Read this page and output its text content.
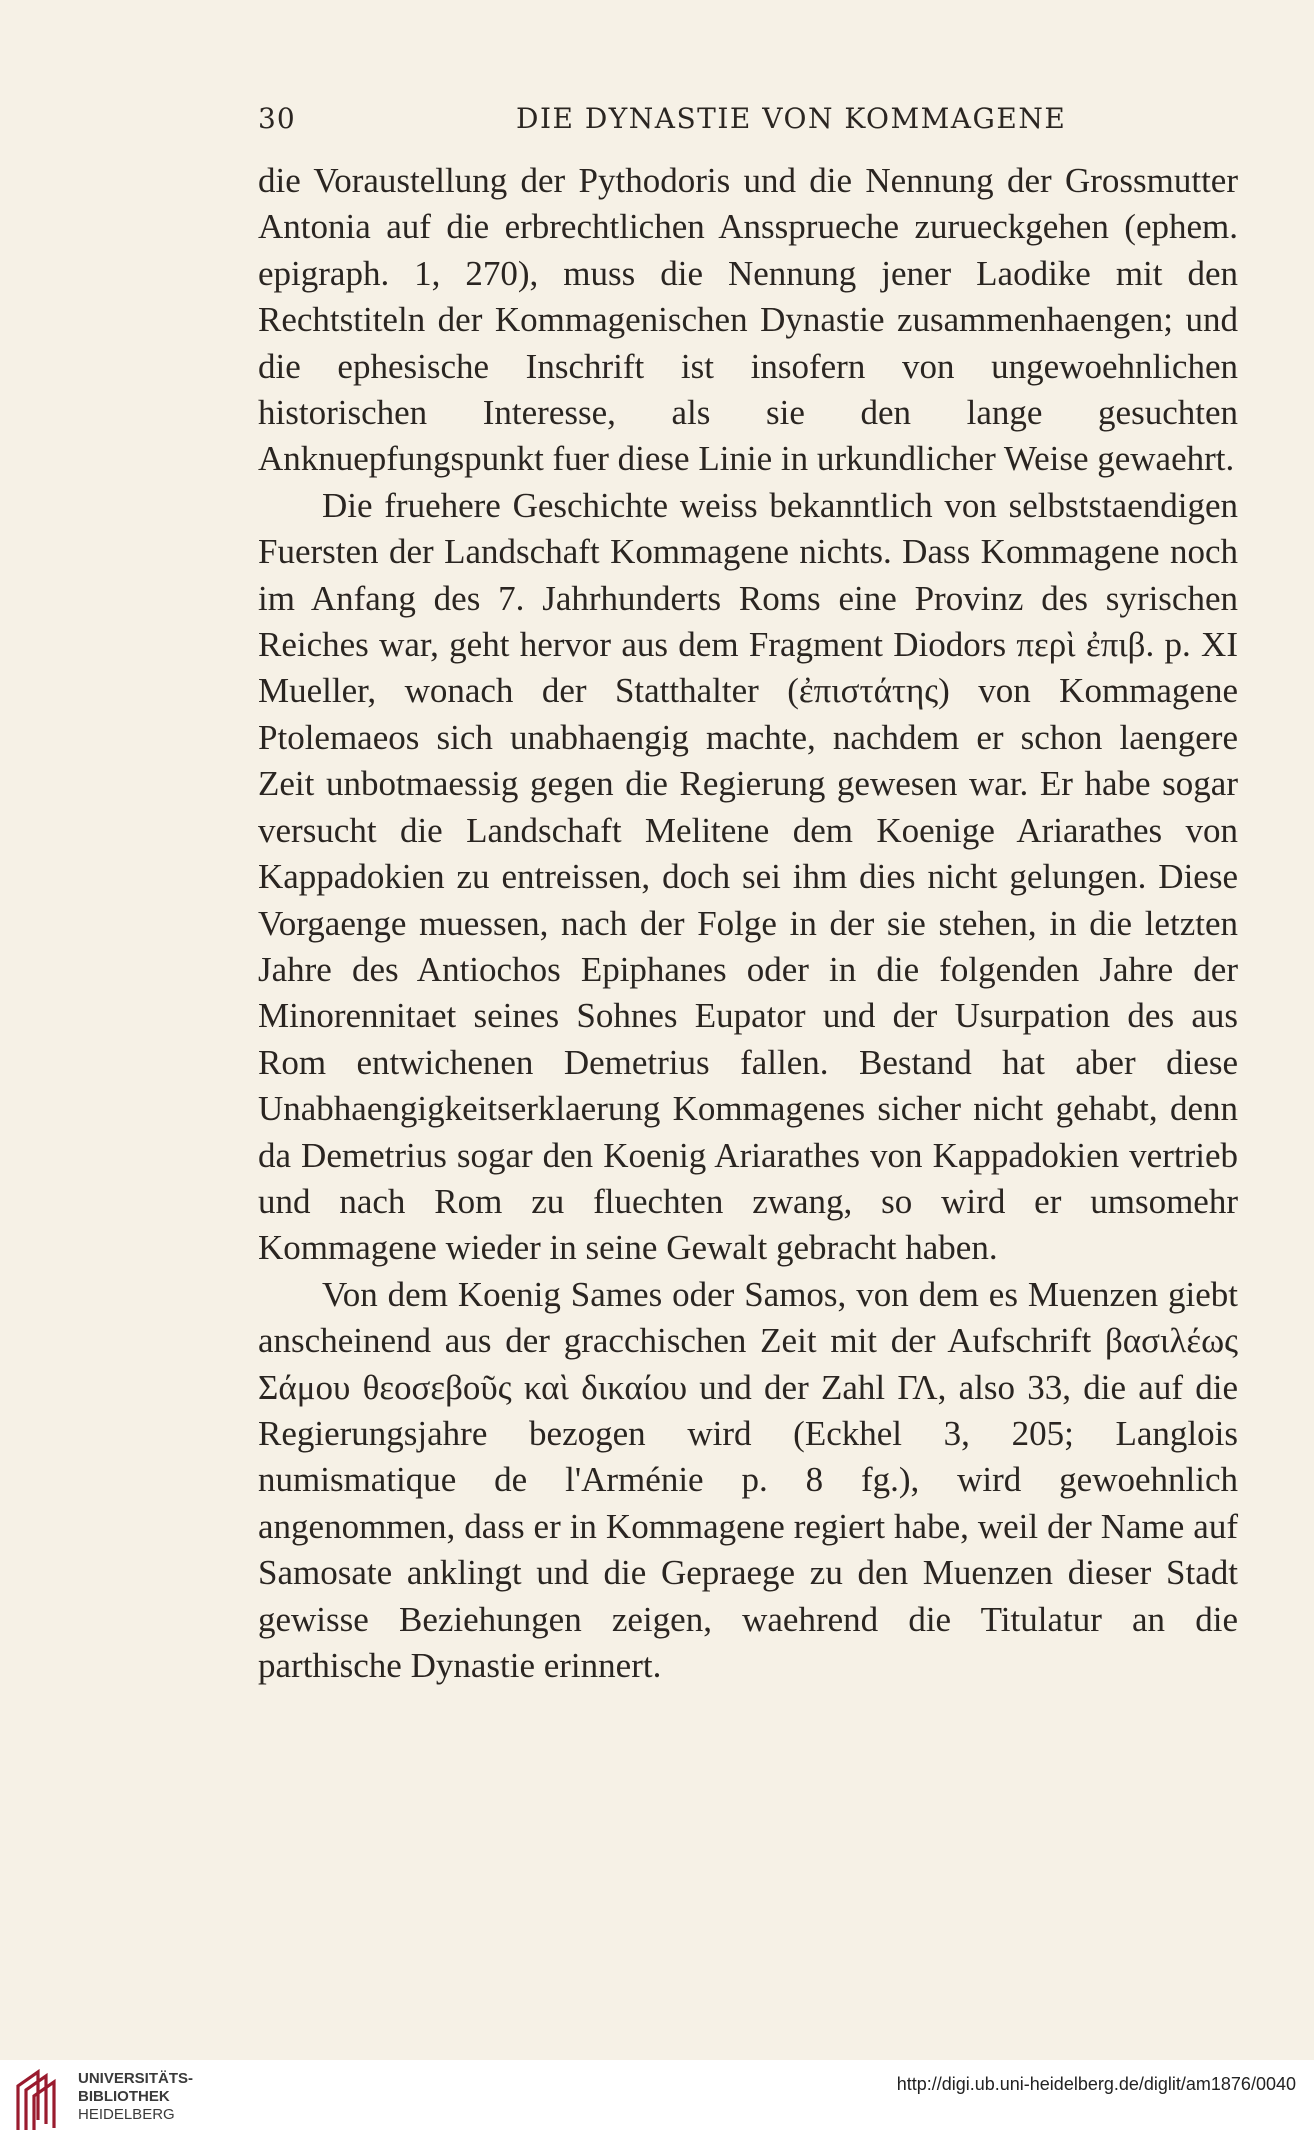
30	DIE DYNASTIE VON KOMMAGENE

die Voraustellung der Pythodoris und die Nennung der Grossmutter Antonia auf die erbrechtlichen Anssprueche zurueckgehen (ephem. epigraph. 1, 270), muss die Nennung jener Laodike mit den Rechtstiteln der Kommagenischen Dynastie zusammenhaengen; und die ephesische Inschrift ist insofern von ungewoehnlichen historischen Interesse, als sie den lange gesuchten Anknuepfungspunkt fuer diese Linie in urkundlicher Weise gewaehrt.

Die fruehere Geschichte weiss bekanntlich von selbststaendigen Fuersten der Landschaft Kommagene nichts. Dass Kommagene noch im Anfang des 7. Jahrhunderts Roms eine Provinz des syrischen Reiches war, geht hervor aus dem Fragment Diodors περὶ ἐπιβ. p. XI Mueller, wonach der Statthalter (ἐπιστάτης) von Kommagene Ptolemaeos sich unabhaengig machte, nachdem er schon laengere Zeit unbotmaessig gegen die Regierung gewesen war. Er habe sogar versucht die Landschaft Melitene dem Koenige Ariarathes von Kappadokien zu entreissen, doch sei ihm dies nicht gelungen. Diese Vorgaenge muessen, nach der Folge in der sie stehen, in die letzten Jahre des Antiochos Epiphanes oder in die folgenden Jahre der Minorennitaet seines Sohnes Eupator und der Usurpation des aus Rom entwichenen Demetrius fallen. Bestand hat aber diese Unabhaengigkeitserklaerung Kommagenes sicher nicht gehabt, denn da Demetrius sogar den Koenig Ariarathes von Kappadokien vertrieb und nach Rom zu fluechten zwang, so wird er umsomehr Kommagene wieder in seine Gewalt gebracht haben.

Von dem Koenig Sames oder Samos, von dem es Muenzen giebt anscheinend aus der gracchischen Zeit mit der Aufschrift βασιλέως Σάμου θεοσεβοῦς καὶ δικαίου und der Zahl ΓΛ, also 33, die auf die Regierungsjahre bezogen wird (Eckhel 3, 205; Langlois numismatique de l'Arménie p. 8 fg.), wird gewoehnlich angenommen, dass er in Kommagene regiert habe, weil der Name auf Samosate anklingt und die Gepraege zu den Muenzen dieser Stadt gewisse Beziehungen zeigen, waehrend die Titulatur an die parthische Dynastie erinnert.

UNIVERSITÄTS-
BIBLIOTHEK
HEIDELBERG
http://digi.ub.uni-heidelberg.de/diglit/am1876/0040
